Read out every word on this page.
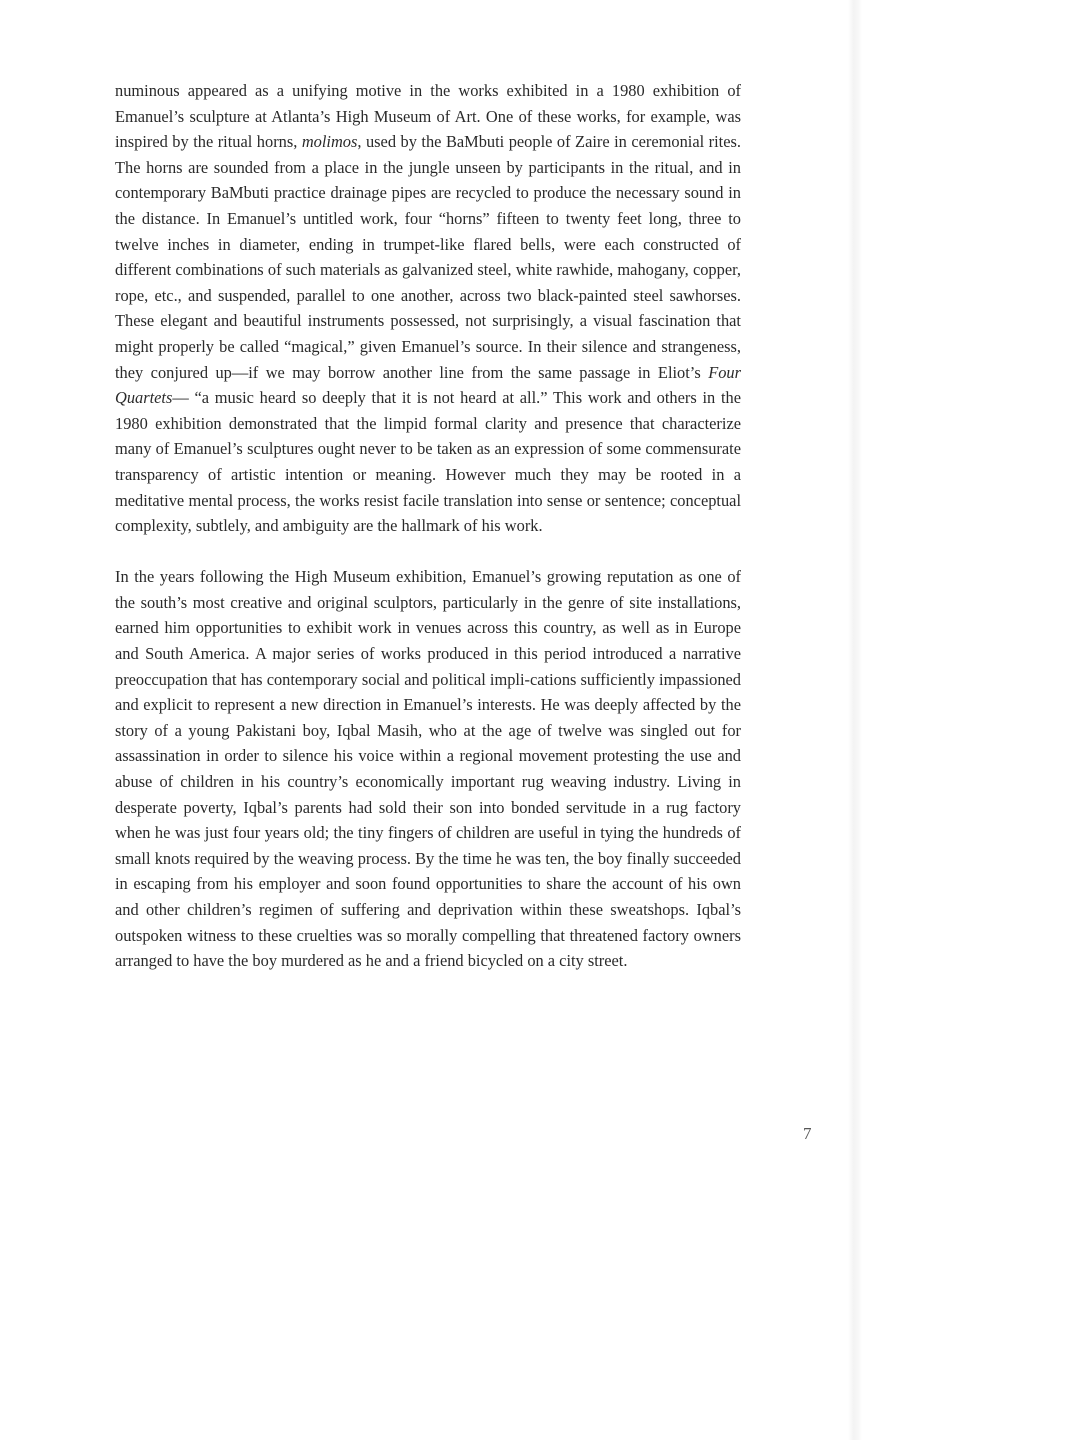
numinous appeared as a unifying motive in the works exhibited in a 1980 exhibition of Emanuel’s sculpture at Atlanta’s High Museum of Art. One of these works, for example, was inspired by the ritual horns, molimos, used by the BaMbuti people of Zaire in ceremonial rites. The horns are sounded from a place in the jungle unseen by participants in the ritual, and in contemporary BaMbuti practice drainage pipes are recycled to produce the necessary sound in the distance. In Emanuel’s untitled work, four “horns” fifteen to twenty feet long, three to twelve inches in diameter, ending in trumpet-like flared bells, were each constructed of different combinations of such materials as galvanized steel, white rawhide, mahogany, copper, rope, etc., and suspended, parallel to one another, across two black-painted steel sawhorses. These elegant and beautiful instruments possessed, not surprisingly, a visual fascination that might properly be called “magical,” given Emanuel’s source. In their silence and strangeness, they conjured up—if we may borrow another line from the same passage in Eliot’s Four Quartets— “a music heard so deeply that it is not heard at all.” This work and others in the 1980 exhibition demonstrated that the limpid formal clarity and presence that characterize many of Emanuel’s sculptures ought never to be taken as an expression of some commensurate transparency of artistic intention or meaning. However much they may be rooted in a meditative mental process, the works resist facile translation into sense or sentence; conceptual complexity, subtlely, and ambiguity are the hallmark of his work.

In the years following the High Museum exhibition, Emanuel’s growing reputation as one of the south’s most creative and original sculptors, particularly in the genre of site installations, earned him opportunities to exhibit work in venues across this country, as well as in Europe and South America. A major series of works produced in this period introduced a narrative preoccupation that has contemporary social and political impli-cations sufficiently impassioned and explicit to represent a new direction in Emanuel’s interests. He was deeply affected by the story of a young Pakistani boy, Iqbal Masih, who at the age of twelve was singled out for assassination in order to silence his voice within a regional movement protesting the use and abuse of children in his country’s economically important rug weaving industry. Living in desperate poverty, Iqbal’s parents had sold their son into bonded servitude in a rug factory when he was just four years old; the tiny fingers of children are useful in tying the hundreds of small knots required by the weaving process. By the time he was ten, the boy finally succeeded in escaping from his employer and soon found opportunities to share the account of his own and other children’s regimen of suffering and deprivation within these sweatshops. Iqbal’s outspoken witness to these cruelties was so morally compelling that threatened factory owners arranged to have the boy murdered as he and a friend bicycled on a city street.

7
